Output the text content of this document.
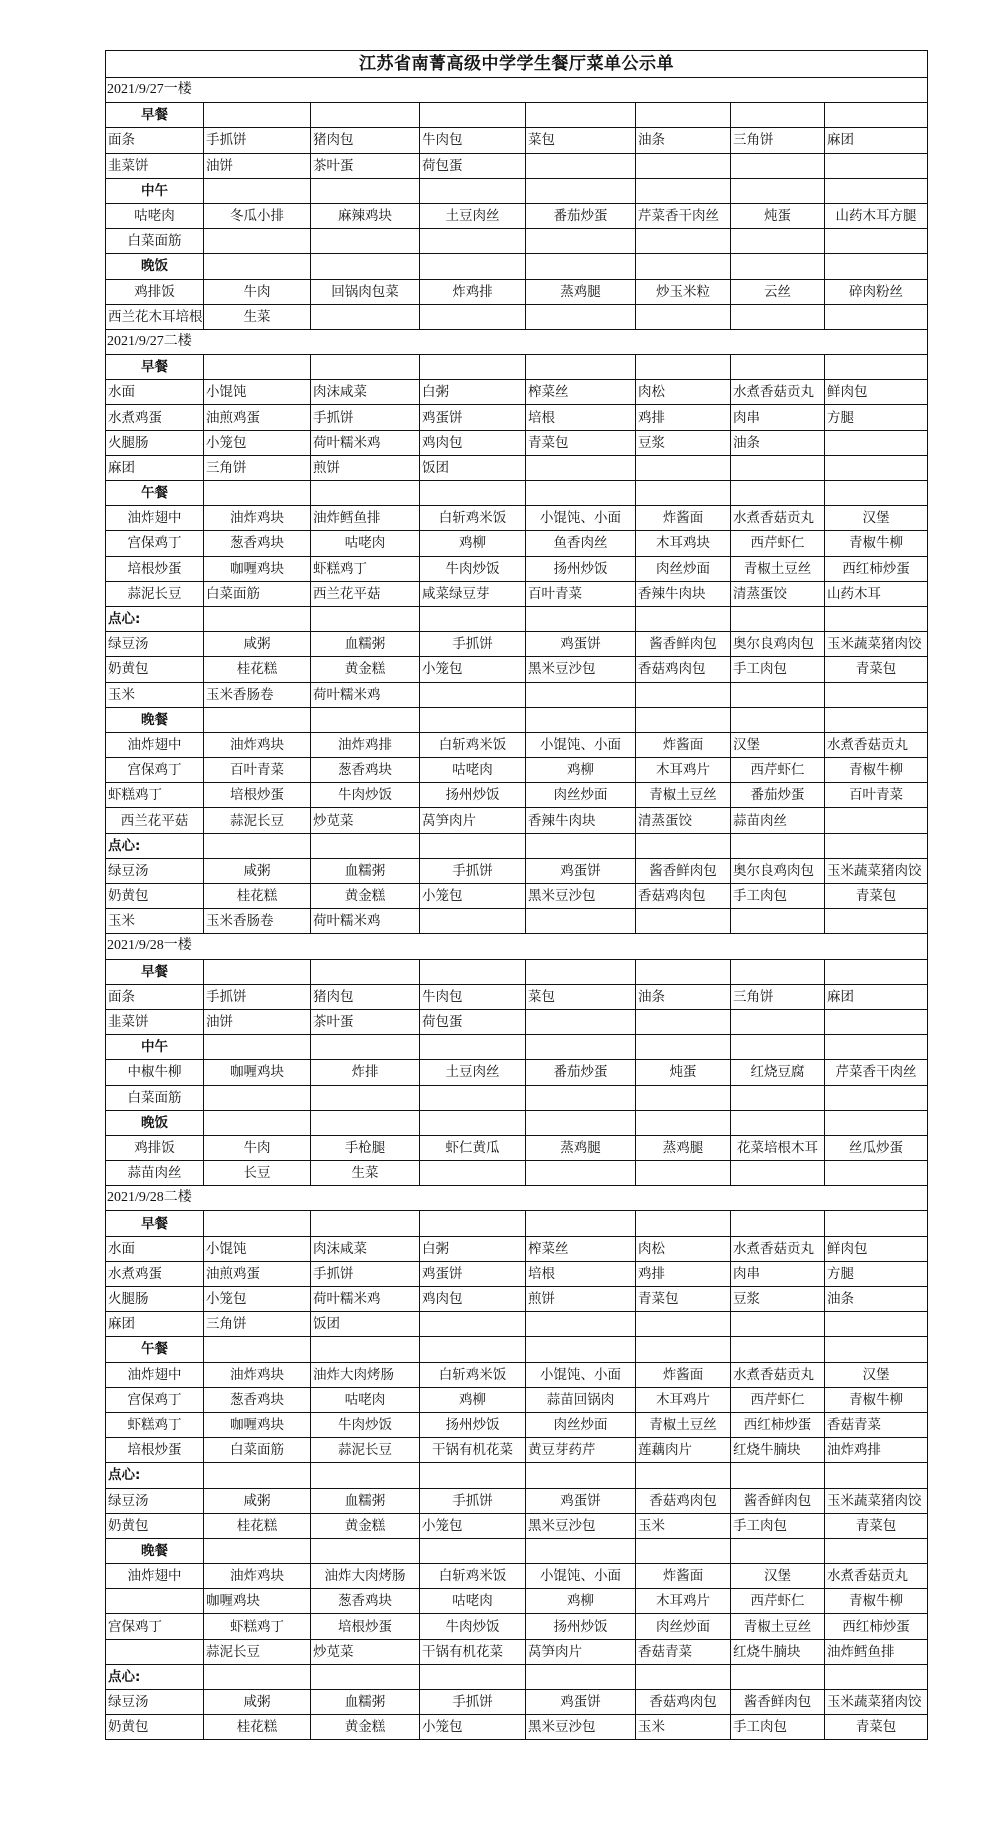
江苏省南菁高级中学学生餐厅菜单公示单							
2021/9/27一楼							
早餐							
面条	手抓饼	猪肉包	牛肉包	菜包	油条	三角饼	麻团
韭菜饼	油饼	茶叶蛋	荷包蛋				
中午							
咕咾肉	冬瓜小排	麻辣鸡块	土豆肉丝	番茄炒蛋	芹菜香干肉丝	炖蛋	山药木耳方腿
白菜面筋							
晚饭							
鸡排饭	牛肉	回锅肉包菜	炸鸡排	蒸鸡腿	炒玉米粒	云丝	碎肉粉丝
西兰花木耳培根	生菜						
2021/9/27二楼							
早餐							
水面	小馄饨	肉沫咸菜	白粥	榨菜丝	肉松	水煮香菇贡丸	鲜肉包
水煮鸡蛋	油煎鸡蛋	手抓饼	鸡蛋饼	培根	鸡排	肉串	方腿
火腿肠	小笼包	荷叶糯米鸡	鸡肉包	青菜包	豆浆	油条	
麻团	三角饼	煎饼	饭团				
午餐							
油炸翅中	油炸鸡块	油炸鳕鱼排	白斩鸡米饭	小馄饨、小面	炸酱面	水煮香菇贡丸	汉堡
宫保鸡丁	葱香鸡块	咕咾肉	鸡柳	鱼香肉丝	木耳鸡块	西芹虾仁	青椒牛柳
培根炒蛋	咖喱鸡块	虾糕鸡丁	牛肉炒饭	扬州炒饭	肉丝炒面	青椒土豆丝	西红柿炒蛋
蒜泥长豆	白菜面筋	西兰花平菇	咸菜绿豆芽	百叶青菜	香辣牛肉块	清蒸蛋饺	山药木耳
点心:							
绿豆汤	咸粥	血糯粥	手抓饼	鸡蛋饼	酱香鲜肉包	奥尔良鸡肉包	玉米蔬菜猪肉饺
奶黄包	桂花糕	黄金糕	小笼包	黑米豆沙包	香菇鸡肉包	手工肉包	青菜包
玉米	玉米香肠卷	荷叶糯米鸡					
晚餐							
油炸翅中	油炸鸡块	油炸鸡排	白斩鸡米饭	小馄饨、小面	炸酱面	汉堡	水煮香菇贡丸
宫保鸡丁	百叶青菜	葱香鸡块	咕咾肉	鸡柳	木耳鸡片	西芹虾仁	青椒牛柳
虾糕鸡丁	培根炒蛋	牛肉炒饭	扬州炒饭	肉丝炒面	青椒土豆丝	番茄炒蛋	百叶青菜
西兰花平菇	蒜泥长豆	炒苋菜	莴笋肉片	香辣牛肉块	清蒸蛋饺	蒜苗肉丝	
点心:							
绿豆汤	咸粥	血糯粥	手抓饼	鸡蛋饼	酱香鲜肉包	奥尔良鸡肉包	玉米蔬菜猪肉饺
奶黄包	桂花糕	黄金糕	小笼包	黑米豆沙包	香菇鸡肉包	手工肉包	青菜包
玉米	玉米香肠卷	荷叶糯米鸡					
2021/9/28一楼							
早餐							
面条	手抓饼	猪肉包	牛肉包	菜包	油条	三角饼	麻团
韭菜饼	油饼	茶叶蛋	荷包蛋				
中午							
中椒牛柳	咖喱鸡块	炸排	土豆肉丝	番茄炒蛋	炖蛋	红烧豆腐	芹菜香干肉丝
白菜面筋							
晚饭							
鸡排饭	牛肉	手枪腿	虾仁黄瓜	蒸鸡腿	蒸鸡腿	花菜培根木耳	丝瓜炒蛋
蒜苗肉丝	长豆	生菜					
2021/9/28二楼							
早餐							
水面	小馄饨	肉沫咸菜	白粥	榨菜丝	肉松	水煮香菇贡丸	鲜肉包
水煮鸡蛋	油煎鸡蛋	手抓饼	鸡蛋饼	培根	鸡排	肉串	方腿
火腿肠	小笼包	荷叶糯米鸡	鸡肉包	煎饼	青菜包	豆浆	油条
麻团	三角饼	饭团					
午餐							
油炸翅中	油炸鸡块	油炸大肉烤肠	白斩鸡米饭	小馄饨、小面	炸酱面	水煮香菇贡丸	汉堡
宫保鸡丁	葱香鸡块	咕咾肉	鸡柳	蒜苗回锅肉	木耳鸡片	西芹虾仁	青椒牛柳
虾糕鸡丁	咖喱鸡块	牛肉炒饭	扬州炒饭	肉丝炒面	青椒土豆丝	西红柿炒蛋	香菇青菜
培根炒蛋	白菜面筋	蒜泥长豆	干锅有机花菜	黄豆芽药芹	莲藕肉片	红烧牛腩块	油炸鸡排
点心:							
绿豆汤	咸粥	血糯粥	手抓饼	鸡蛋饼	香菇鸡肉包	酱香鲜肉包	玉米蔬菜猪肉饺
奶黄包	桂花糕	黄金糕	小笼包	黑米豆沙包	玉米	手工肉包	青菜包
晚餐							
油炸翅中	油炸鸡块	油炸大肉烤肠	白斩鸡米饭	小馄饨、小面	炸酱面	汉堡	水煮香菇贡丸
	咖喱鸡块	葱香鸡块	咕咾肉	鸡柳	木耳鸡片	西芹虾仁	青椒牛柳
宫保鸡丁	虾糕鸡丁	培根炒蛋	牛肉炒饭	扬州炒饭	肉丝炒面	青椒土豆丝	西红柿炒蛋
	蒜泥长豆	炒苋菜	干锅有机花菜	莴笋肉片	香菇青菜	红烧牛腩块	油炸鳕鱼排
点心:							
绿豆汤	咸粥	血糯粥	手抓饼	鸡蛋饼	香菇鸡肉包	酱香鲜肉包	玉米蔬菜猪肉饺
奶黄包	桂花糕	黄金糕	小笼包	黑米豆沙包	玉米	手工肉包	青菜包
